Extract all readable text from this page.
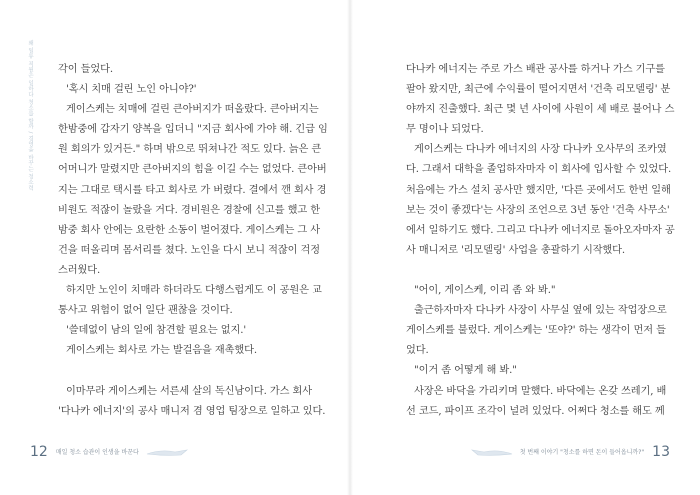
왜 일류 직원은 일하다 청소를 할까 / 경영을 바꾸는 청소력 각이 들었다.
'혹시 치매 걸린 노인 아니야?'
게이스케는 치매에 걸린 큰아버지가 떠올랐다. 큰아버지는
한밤중에 갑자기 양복을 입더니 "지금 회사에 가야 해. 긴급 임
원 회의가 있거든." 하며 밖으로 뛰쳐나간 적도 있다. 늙은 큰
어머니가 말렸지만 큰아버지의 힘을 이길 수는 없었다. 큰아버
지는 그대로 택시를 타고 회사로 가 버렸다. 결에서 깬 회사 경
비원도 적잖이 놀랐을 거다. 경비원은 경찰에 신고를 했고 한
밤중 회사 안에는 요란한 소동이 벌어졌다. 게이스케는 그 사
건을 떠올리며 몸서리를 쳤다. 노인을 다시 보니 적잖이 걱정
스러웠다.
하지만 노인이 치매라 하더라도 다행스럽게도 이 공원은 교
통사고 위험이 없어 일단 괜찮을 것이다.
'쓸데없이 남의 일에 참견할 필요는 없지.'
게이스케는 회사로 가는 발걸음을 재촉했다.
이마무라 게이스케는 서른세 살의 독신남이다. 가스 회사
'다나카 에너지'의 공사 매니저 겸 영업 팀장으로 일하고 있다.
12 매일 청소 습관이 인생을 바꾼다
다나카 에너지는 주로 가스 배관 공사를 하거나 가스 기구를
팔아 왔지만, 최근에 수익률이 떨어지면서 '건축 리모델링' 분
야까지 진출했다. 최근 몇 년 사이에 사원이 세 배로 불어나 스
무 명이나 되었다.
게이스케는 다나카 에너지의 사장 다나카 오사무의 조카였
다. 그래서 대학을 졸업하자마자 이 회사에 입사할 수 있었다.
처음에는 가스 설치 공사만 했지만, '다른 곳에서도 한번 일해
보는 것이 좋겠다'는 사장의 조언으로 3년 동안 '건축 사무소'
에서 일하기도 했다. 그리고 다나카 에너지로 돌아오자마자 공
사 매니저로 '리모델링' 사업을 총괄하기 시작했다.
"어이, 게이스케, 이리 좀 와 봐."
출근하자마자 다나카 사장이 사무실 옆에 있는 작업장으로
게이스케를 불렀다. 게이스케는 '또야?' 하는 생각이 먼저 들
었다.
"이거 좀 어떻게 해 봐."
사장은 바닥을 가리키며 말했다. 바닥에는 온갖 쓰레기, 배
선 코드, 파이프 조각이 널려 있었다. 어쩌다 청소를 해도 께
첫 번째 이야기 "청소를 하면 돈이 들어옵니까?" 13
